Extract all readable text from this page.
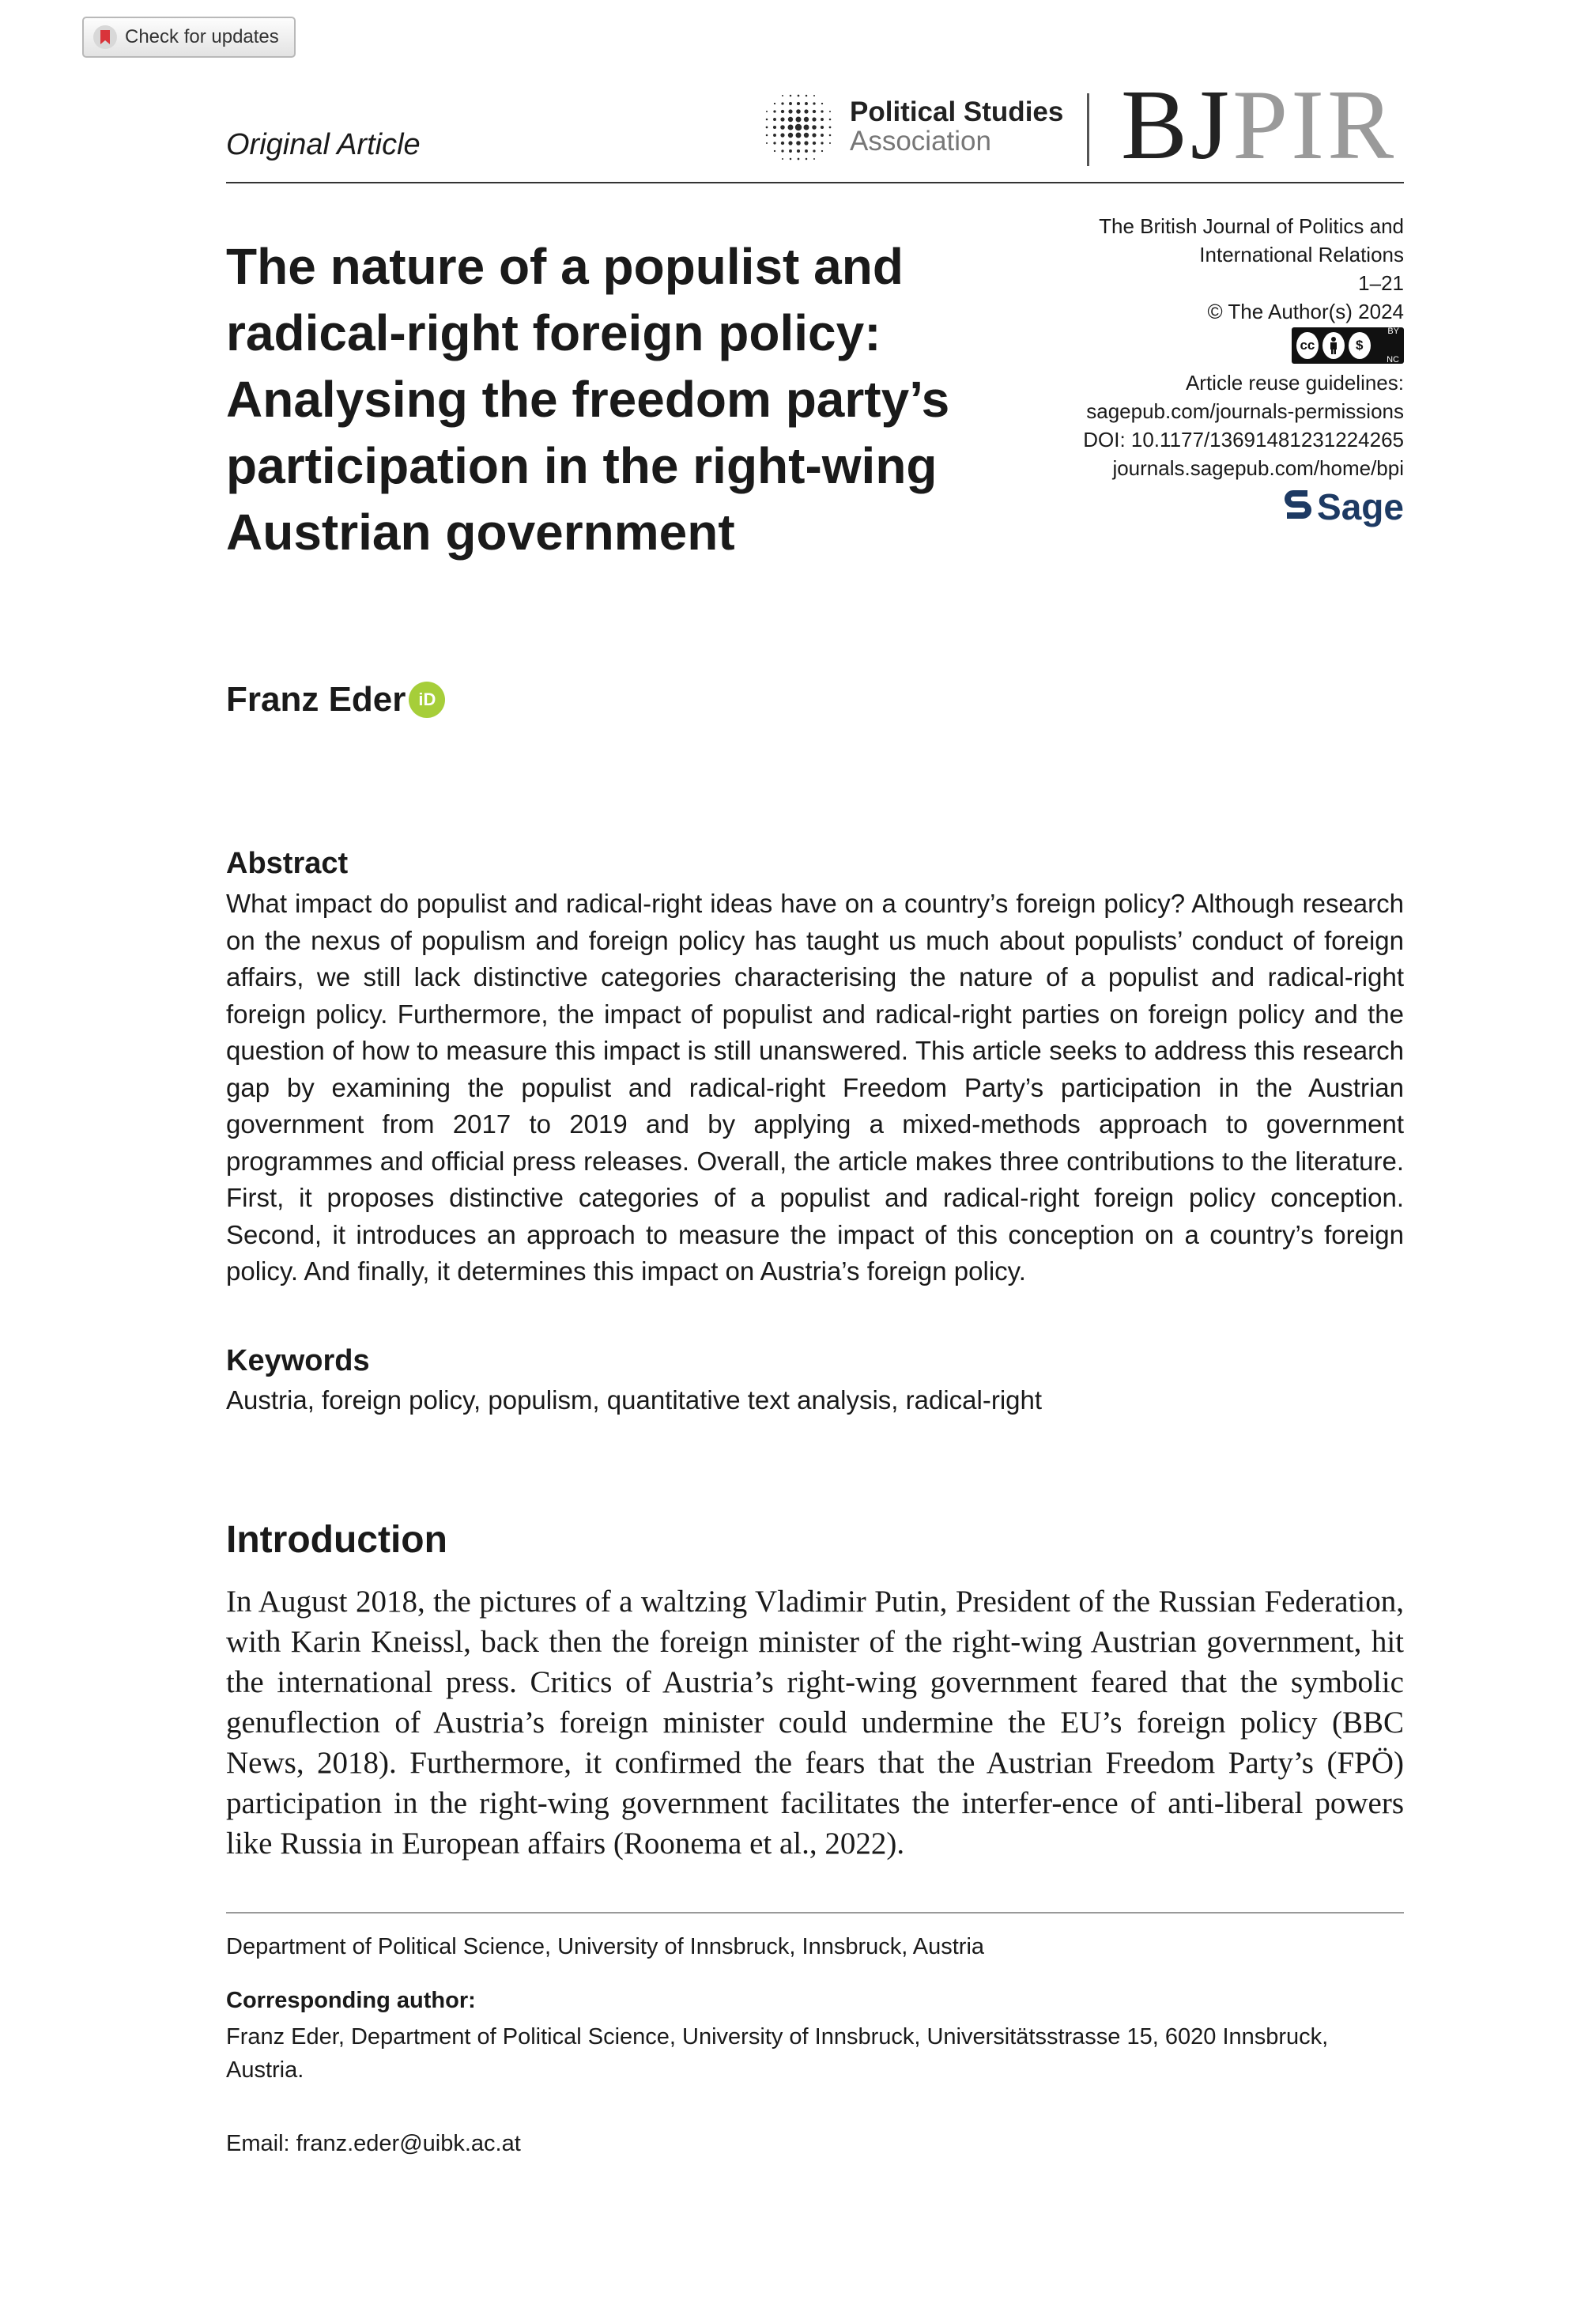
Check for updates
Original Article
Political Studies
Association	BJPIR
The nature of a populist and radical-right foreign policy: Analysing the freedom party’s participation in the right-wing Austrian government
The British Journal of Politics and
International Relations
1–21
© The Author(s) 2024
cc	$
BY NC
Article reuse guidelines:
sagepub.com/journals-permissions
DOI: 10.1177/13691481231224265
journals.sagepub.com/home/bpi
Sage
Franz Eder iD
Abstract

What impact do populist and radical-right ideas have on a country’s foreign policy? Although research on the nexus of populism and foreign policy has taught us much about populists’ conduct of foreign affairs, we still lack distinctive categories characterising the nature of a populist and radical-right foreign policy. Furthermore, the impact of populist and radical-right parties on foreign policy and the question of how to measure this impact is still unanswered. This article seeks to address this research gap by examining the populist and radical-right Freedom Party’s participation in the Austrian government from 2017 to 2019 and by applying a mixed-methods approach to government programmes and official press releases. Overall, the article makes three contributions to the literature. First, it proposes distinctive categories of a populist and radical-right foreign policy conception. Second, it introduces an approach to measure the impact of this conception on a country’s foreign policy. And finally, it determines this impact on Austria’s foreign policy.

Keywords
Austria, foreign policy, populism, quantitative text analysis, radical-right
Introduction

In August 2018, the pictures of a waltzing Vladimir Putin, President of the Russian Federation, with Karin Kneissl, back then the foreign minister of the right-wing Austrian government, hit the international press. Critics of Austria’s right-wing government feared that the symbolic genuflection of Austria’s foreign minister could undermine the EU’s foreign policy (BBC News, 2018). Furthermore, it confirmed the fears that the Austrian Freedom Party’s (FPÖ) participation in the right-wing government facilitates the interfer-ence of anti-liberal powers like Russia in European affairs (Roonema et al., 2022).

Department of Political Science, University of Innsbruck, Innsbruck, Austria
Corresponding author:

Franz Eder, Department of Political Science, University of Innsbruck, Universitätsstrasse 15, 6020 Innsbruck, Austria.

Email: franz.eder@uibk.ac.at
